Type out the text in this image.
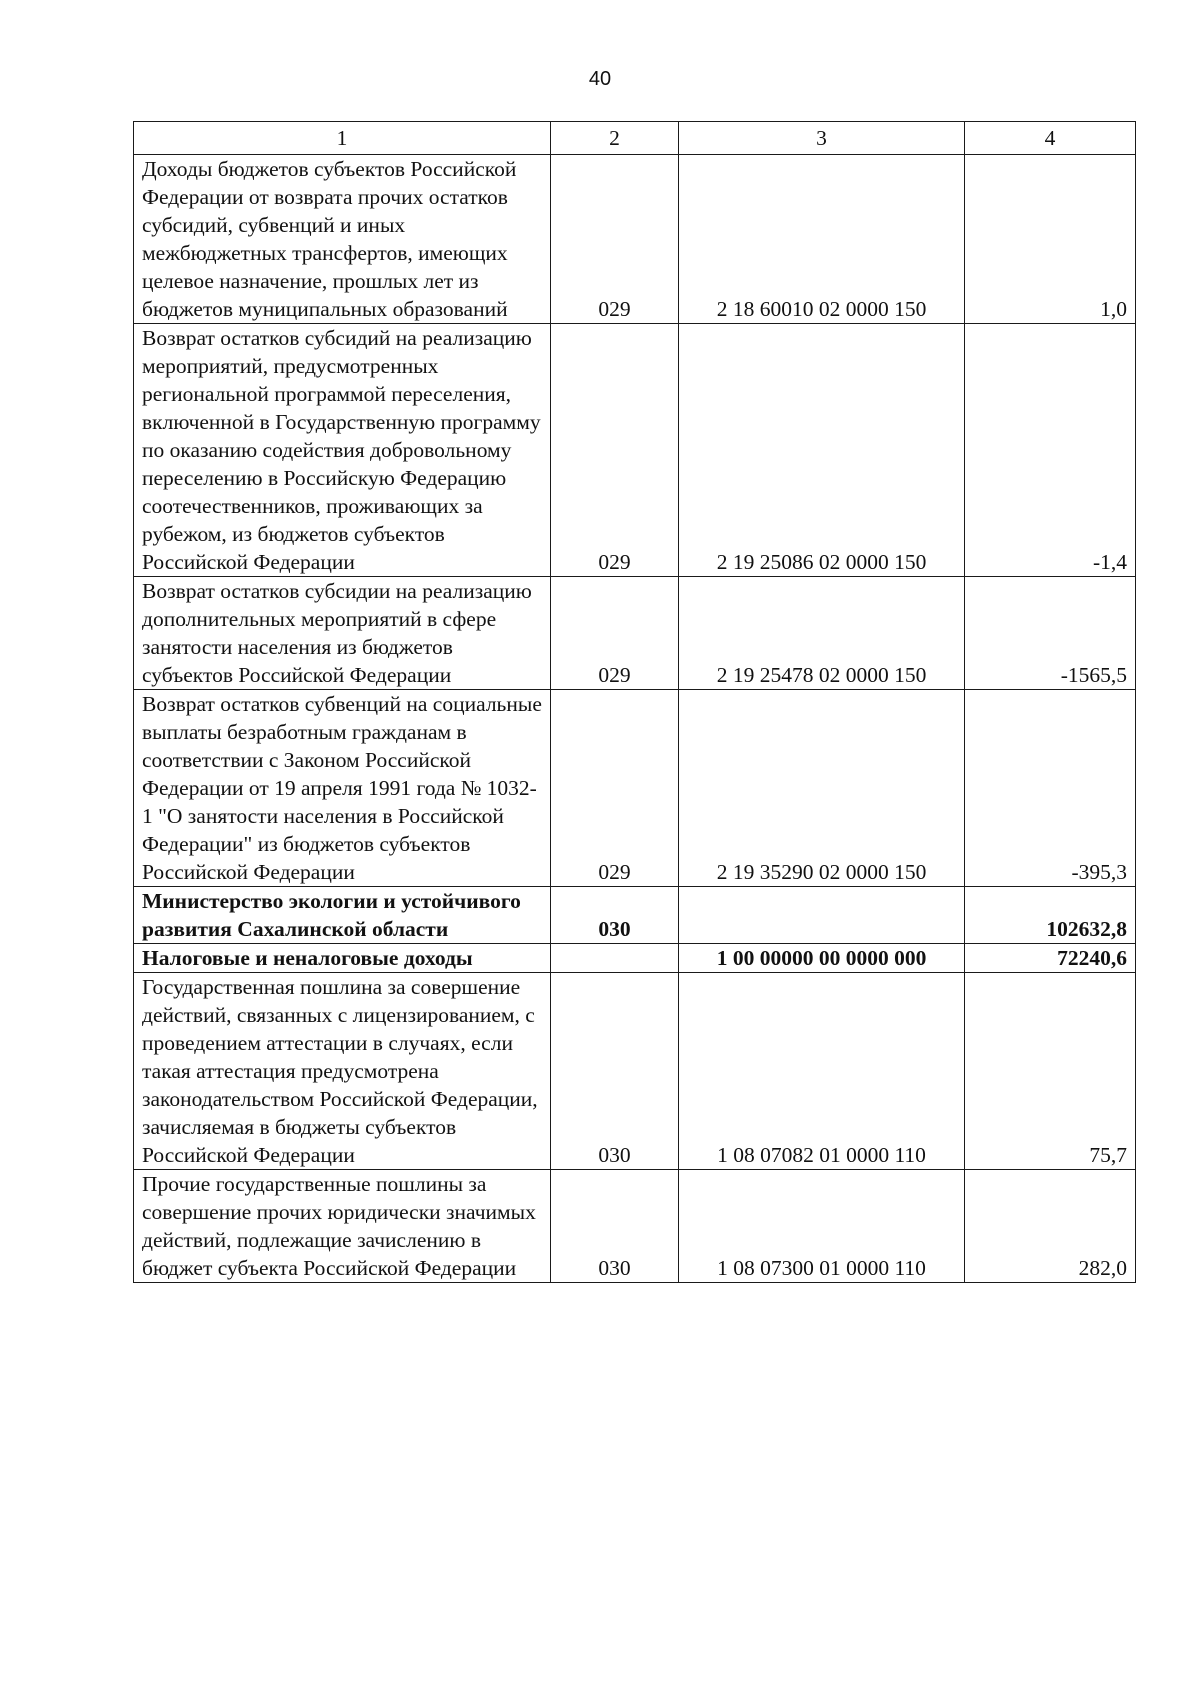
40
1	2	3	4

Доходы бюджетов субъектов Российской Федерации от возврата прочих остатков субсидий, субвенций и иных межбюджетных трансфертов, имеющих целевое назначение, прошлых лет из бюджетов муниципальных образований	029	2 18 60010 02 0000 150	1,0

Возврат остатков субсидий на реализацию мероприятий, предусмотренных региональной программой переселения, включенной в Государственную программу по оказанию содействия добровольному переселению в Российскую Федерацию соотечественников, проживающих за рубежом, из бюджетов субъектов Российской Федерации	029	2 19 25086 02 0000 150	-1,4

Возврат остатков субсидии на реализацию дополнительных мероприятий в сфере занятости населения из бюджетов субъектов Российской Федерации	029	2 19 25478 02 0000 150	-1565,5

Возврат остатков субвенций на социальные выплаты безработным гражданам в соответствии с Законом Российской Федерации от 19 апреля 1991 года № 1032-1 "О занятости населения в Российской Федерации" из бюджетов субъектов Российской Федерации	029	2 19 35290 02 0000 150	-395,3

Министерство экологии и устойчивого развития Сахалинской области	030		102632,8

Налоговые и неналоговые доходы		1 00 00000 00 0000 000	72240,6

Государственная пошлина за совершение действий, связанных с лицензированием, с проведением аттестации в случаях, если такая аттестация предусмотрена законодательством Российской Федерации, зачисляемая в бюджеты субъектов Российской Федерации	030	1 08 07082 01 0000 110	75,7

Прочие государственные пошлины за совершение прочих юридически значимых действий, подлежащие зачислению в бюджет субъекта Российской Федерации	030	1 08 07300 01 0000 110	282,0
